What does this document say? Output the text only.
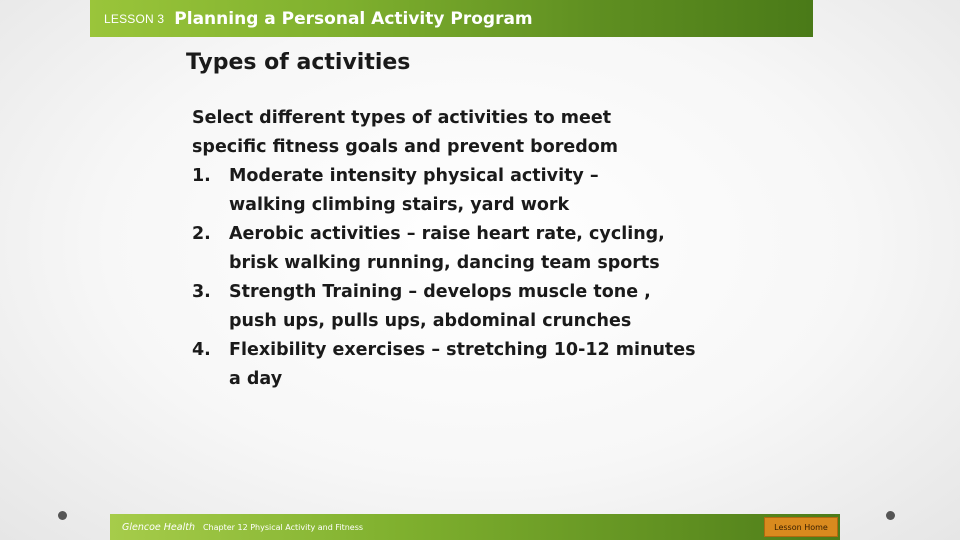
LESSON 3 Planning a Personal Activity Program
Types of activities

Select different types of activities to meet
specific fitness goals and prevent boredom

1. Moderate intensity physical activity –
walking climbing stairs, yard work
2. Aerobic activities – raise heart rate, cycling,
brisk walking running, dancing team sports
3. Strength Training – develops muscle tone ,
push ups, pulls ups, abdominal crunches
4. Flexibility exercises – stretching 10-12 minutes
a day
Glencoe Health Chapter 12 Physical Activity and Fitness	Lesson Home
